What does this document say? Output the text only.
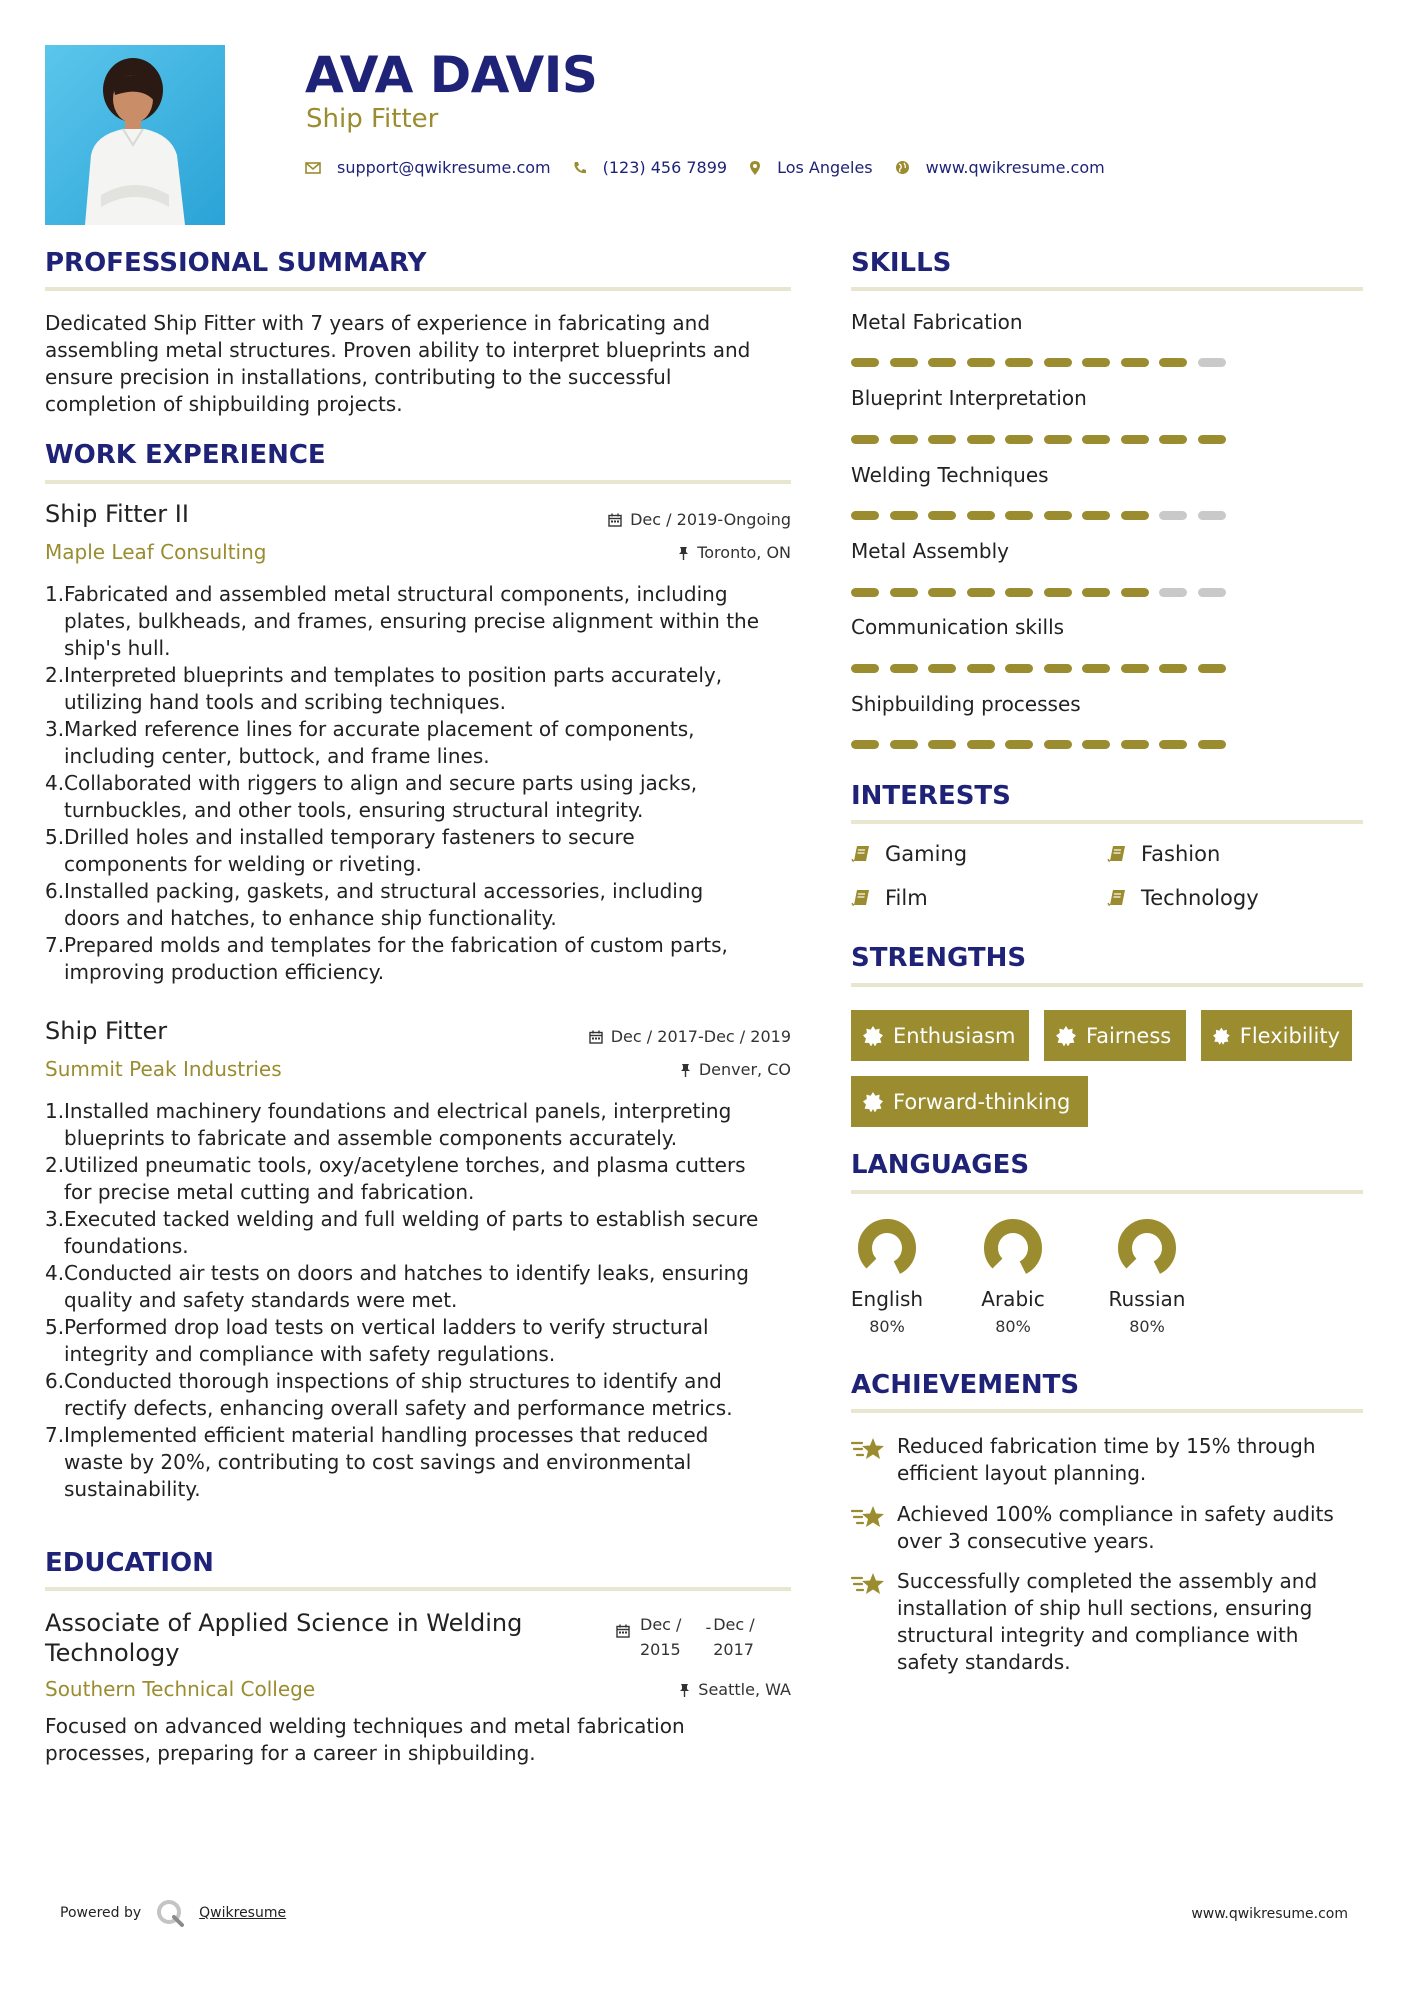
AVA DAVIS
Ship Fitter
support@qwikresume.com	(123) 456 7899	Los Angeles	www.qwikresume.com
PROFESSIONAL SUMMARY
Dedicated Ship Fitter with 7 years of experience in fabricating and
assembling metal structures. Proven ability to interpret blueprints and
ensure precision in installations, contributing to the successful
completion of shipbuilding projects.
WORK EXPERIENCE
Ship Fitter II	Dec / 2019-Ongoing
Maple Leaf Consulting	Toronto, ON
1. Fabricated and assembled metal structural components, including
plates, bulkheads, and frames, ensuring precise alignment within the
ship's hull.
2. Interpreted blueprints and templates to position parts accurately,
utilizing hand tools and scribing techniques.
3. Marked reference lines for accurate placement of components,
including center, buttock, and frame lines.
4. Collaborated with riggers to align and secure parts using jacks,
turnbuckles, and other tools, ensuring structural integrity.
5. Drilled holes and installed temporary fasteners to secure
components for welding or riveting.
6. Installed packing, gaskets, and structural accessories, including
doors and hatches, to enhance ship functionality.
7. Prepared molds and templates for the fabrication of custom parts,
improving production efficiency.
Ship Fitter	Dec / 2017-Dec / 2019
Summit Peak Industries	Denver, CO
1. Installed machinery foundations and electrical panels, interpreting
blueprints to fabricate and assemble components accurately.
2. Utilized pneumatic tools, oxy/acetylene torches, and plasma cutters
for precise metal cutting and fabrication.
3. Executed tacked welding and full welding of parts to establish secure
foundations.
4. Conducted air tests on doors and hatches to identify leaks, ensuring
quality and safety standards were met.
5. Performed drop load tests on vertical ladders to verify structural
integrity and compliance with safety regulations.
6. Conducted thorough inspections of ship structures to identify and
rectify defects, enhancing overall safety and performance metrics.
7. Implemented efficient material handling processes that reduced
waste by 20%, contributing to cost savings and environmental
sustainability.
EDUCATION
Associate of Applied Science in Welding
Technology
Dec /
2015
- Dec /
2017
Southern Technical College	Seattle, WA
Focused on advanced welding techniques and metal fabrication
processes, preparing for a career in shipbuilding.
SKILLS
Metal Fabrication
Blueprint Interpretation
Welding Techniques
Metal Assembly
Communication skills
Shipbuilding processes
INTERESTS
Gaming	Fashion
Film	Technology
STRENGTHS
Enthusiasm	Fairness	Flexibility
Forward-thinking
LANGUAGES
English
80%
Arabic
80%
Russian
80%
ACHIEVEMENTS
Reduced fabrication time by 15% through
efficient layout planning.
Achieved 100% compliance in safety audits
over 3 consecutive years.
Successfully completed the assembly and
installation of ship hull sections, ensuring
structural integrity and compliance with
safety standards.
Powered by	Qwikresume	www.qwikresume.com
